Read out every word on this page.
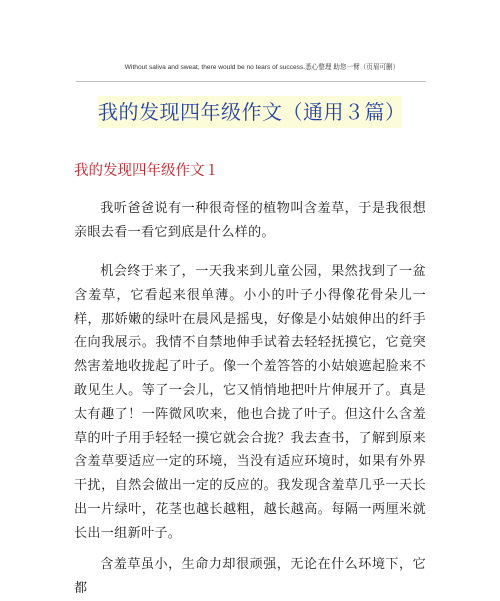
Without saliva and sweat, there would be no tears of success.悉心整理 助您一臂（页眉可删）
我的发现四年级作文（通用３篇）
我的发现四年级作文１
我听爸爸说有一种很奇怪的植物叫含羞草，于是我很想亲眼去看一看它到底是什么样的。
机会终于来了，一天我来到儿童公园，果然找到了一盆含羞草，它看起来很单薄。小小的叶子小得像花骨朵儿一样，那娇嫩的绿叶在晨风是摇曳，好像是小姑娘伸出的纤手在向我展示。我情不自禁地伸手试着去轻轻抚摸它，它竟突然害羞地收拢起了叶子。像一个羞答答的小姑娘遮起脸来不敢见生人。等了一会儿，它又悄悄地把叶片伸展开了。真是太有趣了！一阵微风吹来，他也合拢了叶子。但这什么含羞草的叶子用手轻轻一摸它就会合拢？我去查书，了解到原来含羞草要适应一定的环境，当没有适应环境时，如果有外界干扰，自然会做出一定的反应的。我发现含羞草几乎一天长出一片绿叶，花茎也越长越粗，越长越高。每隔一两厘米就长出一组新叶子。
含羞草虽小，生命力却很顽强，无论在什么环境下，它都
